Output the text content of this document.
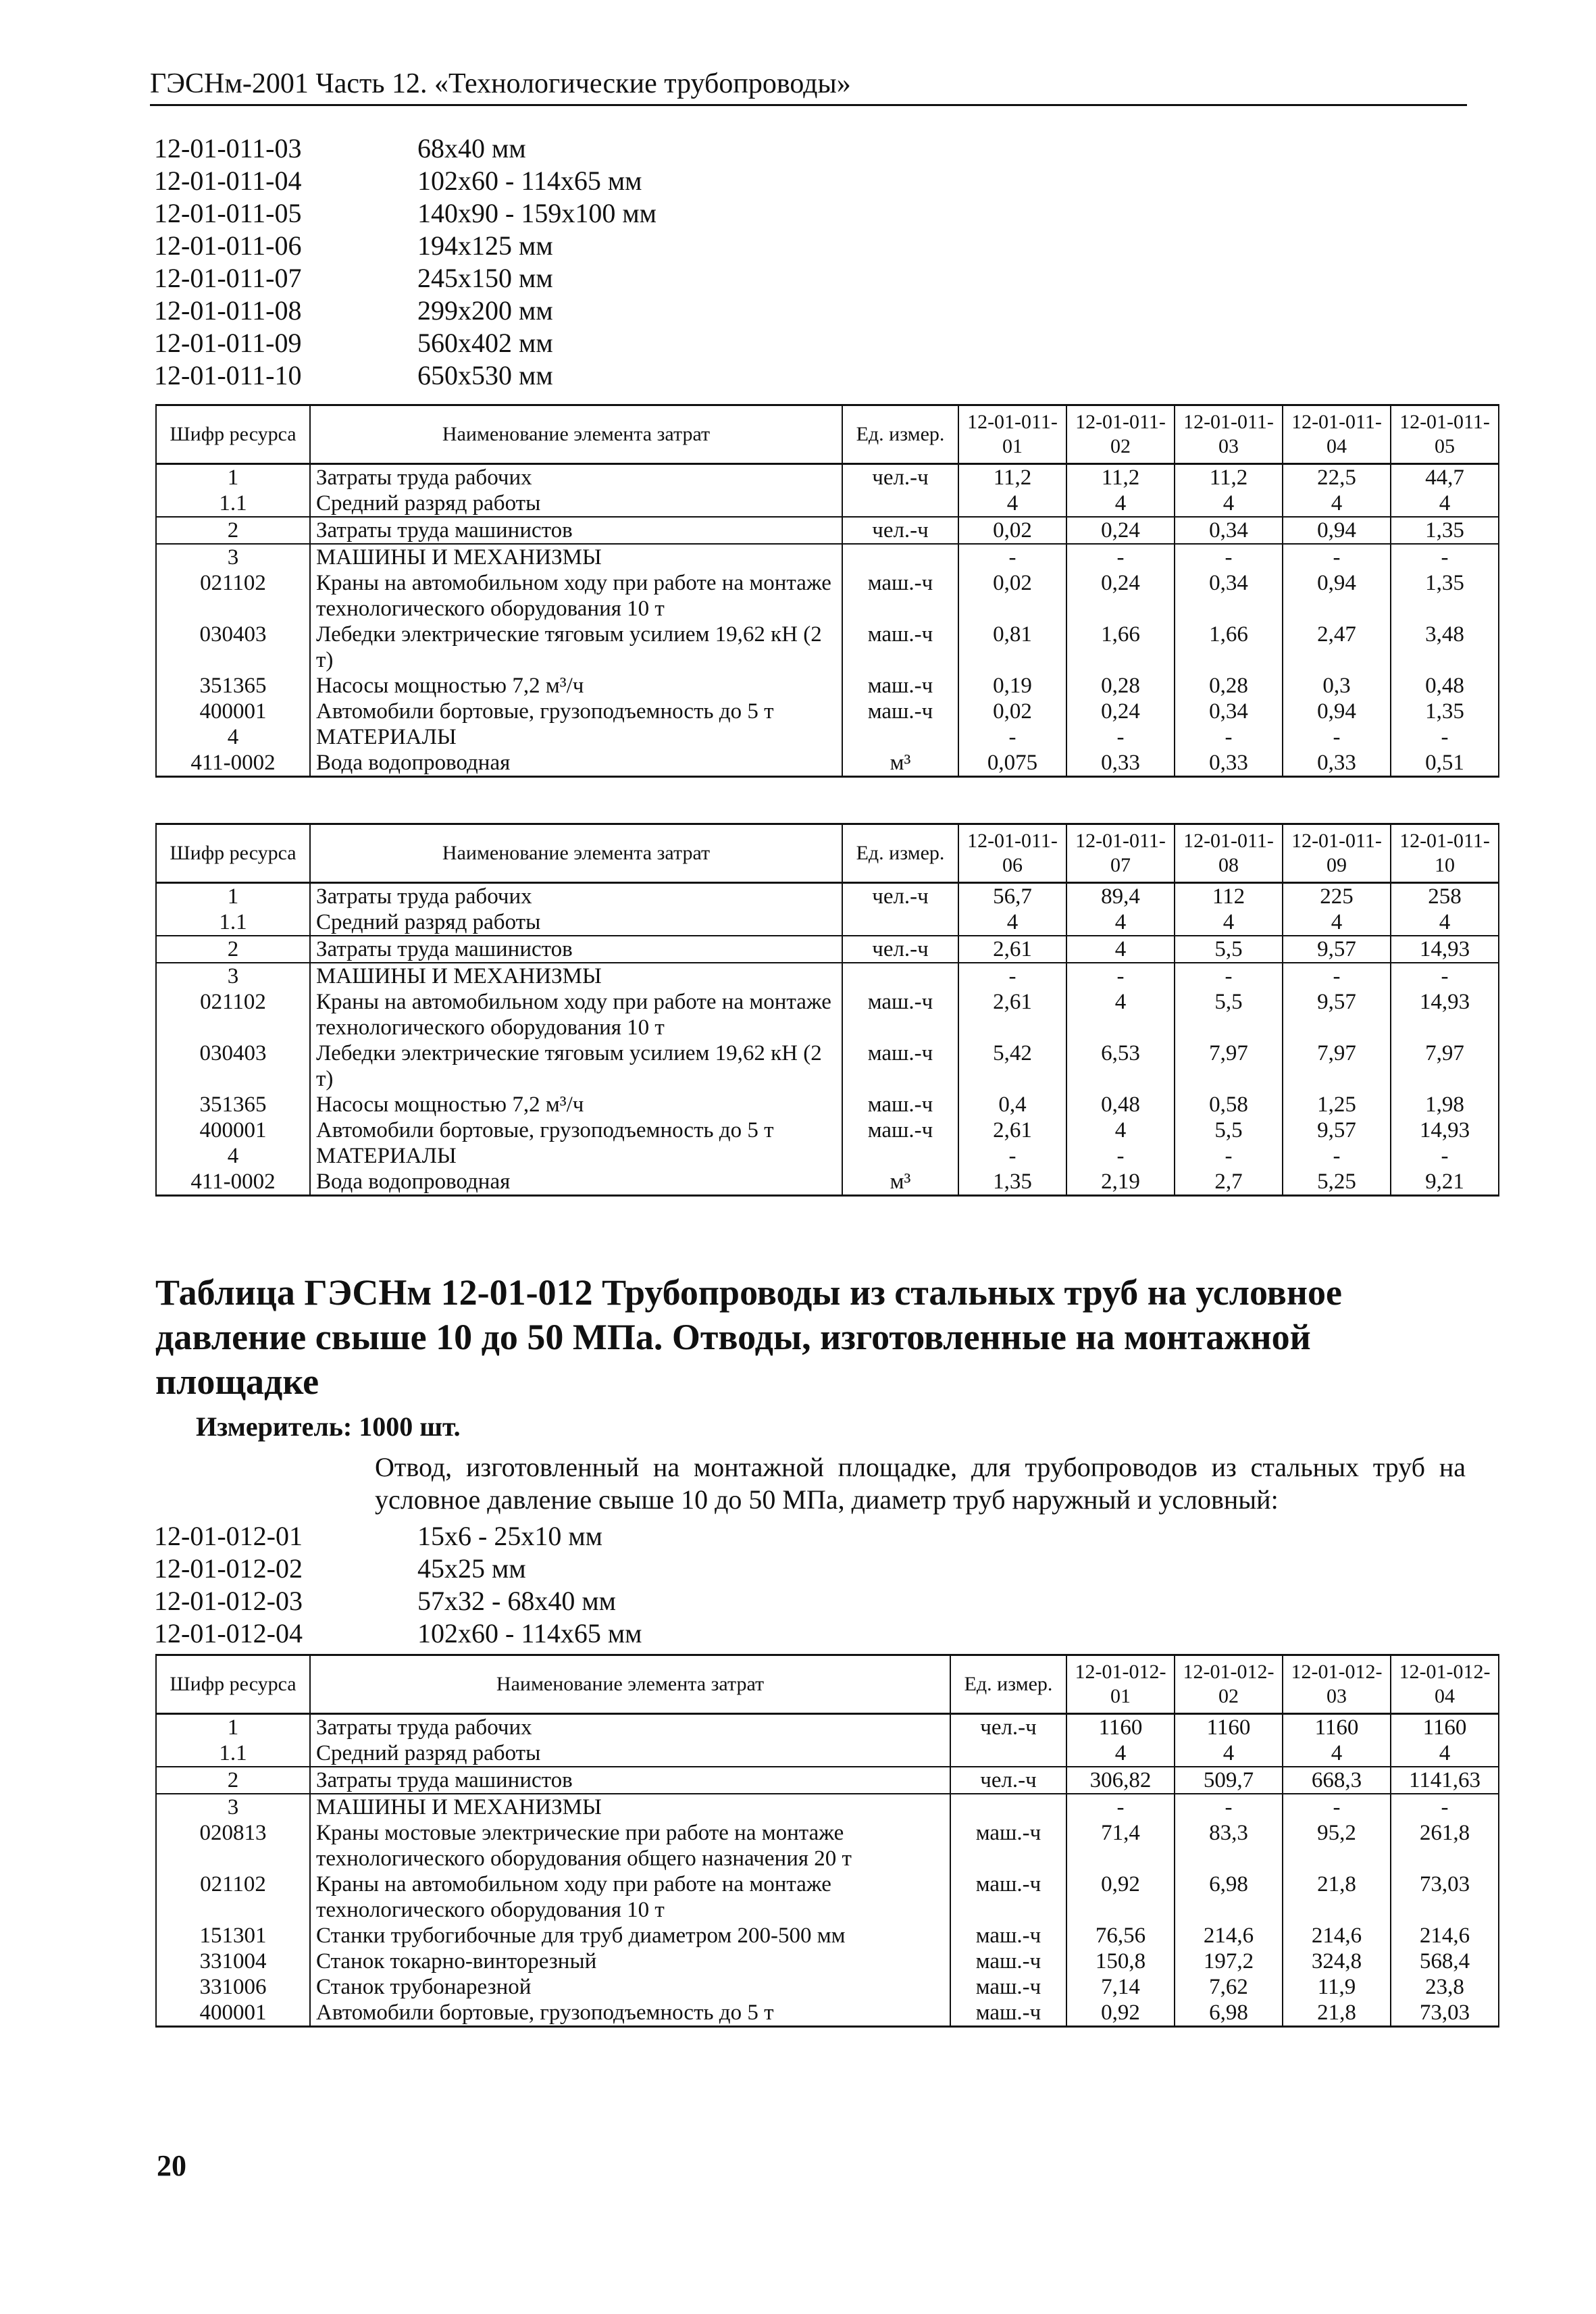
ГЭСНм-2001 Часть 12. «Технологические трубопроводы»
12-01-011-03	68х40 мм
12-01-011-04	102х60 - 114х65 мм
12-01-011-05	140х90 - 159х100 мм
12-01-011-06	194х125 мм
12-01-011-07	245х150 мм
12-01-011-08	299х200 мм
12-01-011-09	560х402 мм
12-01-011-10	650х530 мм
Шифр ресурса	Наименование элемента затрат	Ед. измер.	12-01-011-01	12-01-011-02	12-01-011-03	12-01-011-04	12-01-011-05
1	Затраты труда рабочих	чел.-ч	11,2	11,2	11,2	22,5	44,7
1.1	Средний разряд работы		4	4	4	4	4
2	Затраты труда машинистов	чел.-ч	0,02	0,24	0,34	0,94	1,35
3	МАШИНЫ И МЕХАНИЗМЫ		-	-	-	-	-
021102	Краны на автомобильном ходу при работе на монтаже технологического оборудования 10 т	маш.-ч	0,02	0,24	0,34	0,94	1,35
030403	Лебедки электрические тяговым усилием 19,62 кН (2 т)	маш.-ч	0,81	1,66	1,66	2,47	3,48
351365	Насосы мощностью 7,2 м³/ч	маш.-ч	0,19	0,28	0,28	0,3	0,48
400001	Автомобили бортовые, грузоподъемность до 5 т	маш.-ч	0,02	0,24	0,34	0,94	1,35
4	МАТЕРИАЛЫ		-	-	-	-	-
411-0002	Вода водопроводная	м³	0,075	0,33	0,33	0,33	0,51
Шифр ресурса	Наименование элемента затрат	Ед. измер.	12-01-011-06	12-01-011-07	12-01-011-08	12-01-011-09	12-01-011-10
1	Затраты труда рабочих	чел.-ч	56,7	89,4	112	225	258
1.1	Средний разряд работы		4	4	4	4	4
2	Затраты труда машинистов	чел.-ч	2,61	4	5,5	9,57	14,93
3	МАШИНЫ И МЕХАНИЗМЫ		-	-	-	-	-
021102	Краны на автомобильном ходу при работе на монтаже технологического оборудования 10 т	маш.-ч	2,61	4	5,5	9,57	14,93
030403	Лебедки электрические тяговым усилием 19,62 кН (2 т)	маш.-ч	5,42	6,53	7,97	7,97	7,97
351365	Насосы мощностью 7,2 м³/ч	маш.-ч	0,4	0,48	0,58	1,25	1,98
400001	Автомобили бортовые, грузоподъемность до 5 т	маш.-ч	2,61	4	5,5	9,57	14,93
4	МАТЕРИАЛЫ		-	-	-	-	-
411-0002	Вода водопроводная	м³	1,35	2,19	2,7	5,25	9,21
Таблица ГЭСНм 12-01-012 Трубопроводы из стальных труб на условное давление свыше 10 до 50 МПа. Отводы, изготовленные на монтажной площадке
Измеритель: 1000 шт.
Отвод, изготовленный на монтажной площадке, для трубопроводов из стальных труб на условное давление свыше 10 до 50 МПа, диаметр труб наружный и условный:
12-01-012-01	15х6 - 25х10 мм
12-01-012-02	45х25 мм
12-01-012-03	57х32 - 68х40 мм
12-01-012-04	102х60 - 114х65 мм
Шифр ресурса	Наименование элемента затрат	Ед. измер.	12-01-012-01	12-01-012-02	12-01-012-03	12-01-012-04
1	Затраты труда рабочих	чел.-ч	1160	1160	1160	1160
1.1	Средний разряд работы		4	4	4	4
2	Затраты труда машинистов	чел.-ч	306,82	509,7	668,3	1141,63
3	МАШИНЫ И МЕХАНИЗМЫ		-	-	-	-
020813	Краны мостовые электрические при работе на монтаже технологического оборудования общего назначения 20 т	маш.-ч	71,4	83,3	95,2	261,8
021102	Краны на автомобильном ходу при работе на монтаже технологического оборудования 10 т	маш.-ч	0,92	6,98	21,8	73,03
151301	Станки трубогибочные для труб диаметром 200-500 мм	маш.-ч	76,56	214,6	214,6	214,6
331004	Станок токарно-винторезный	маш.-ч	150,8	197,2	324,8	568,4
331006	Станок трубонарезной	маш.-ч	7,14	7,62	11,9	23,8
400001	Автомобили бортовые, грузоподъемность до 5 т	маш.-ч	0,92	6,98	21,8	73,03
20
